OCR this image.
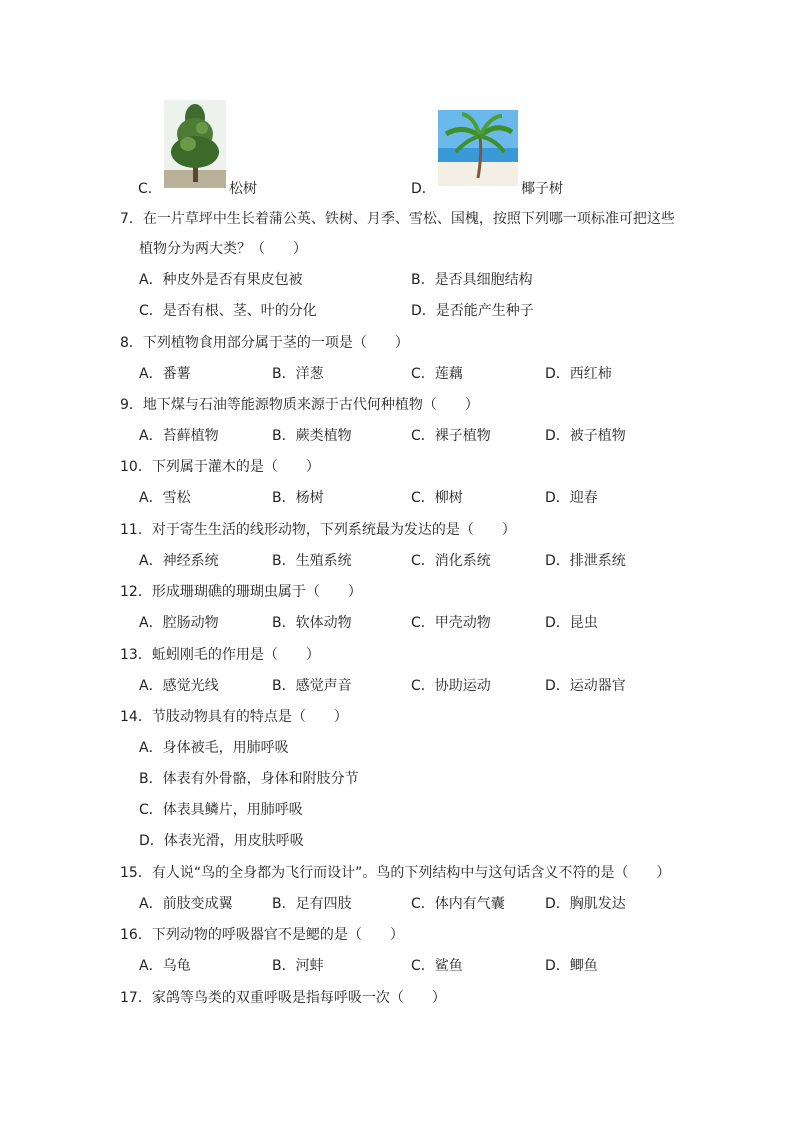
C．	松树	D．	椰子树
7．在一片草坪中生长着蒲公英、铁树、月季、雪松、国槐，按照下列哪一项标准可把这些
植物分为两大类？（　　）
A．种皮外是否有果皮包被	B．是否具细胞结构
C．是否有根、茎、叶的分化	D．是否能产生种子
8．下列植物食用部分属于茎的一项是（　　）
A．番薯	B．洋葱	C．莲藕	D．西红柿
9．地下煤与石油等能源物质来源于古代何种植物（　　）
A．苔藓植物	B．蕨类植物	C．裸子植物	D．被子植物
10．下列属于灌木的是（　　）
A．雪松	B．杨树	C．柳树	D．迎春
11．对于寄生生活的线形动物，下列系统最为发达的是（　　）
A．神经系统	B．生殖系统	C．消化系统	D．排泄系统
12．形成珊瑚礁的珊瑚虫属于（　　）
A．腔肠动物	B．软体动物	C．甲壳动物	D．昆虫
13．蚯蚓刚毛的作用是（　　）
A．感觉光线	B．感觉声音	C．协助运动	D．运动器官
14．节肢动物具有的特点是（　　）
A．身体被毛，用肺呼吸
B．体表有外骨骼，身体和附肢分节
C．体表具鳞片，用肺呼吸
D．体表光滑，用皮肤呼吸
15．有人说“鸟的全身都为飞行而设计”。鸟的下列结构中与这句话含义不符的是（　　）
A．前肢变成翼	B．足有四肢	C．体内有气囊	D．胸肌发达
16．下列动物的呼吸器官不是鳃的是（　　）
A．乌龟	B．河蚌	C．鲨鱼	D．鲫鱼
17．家鸽等鸟类的双重呼吸是指每呼吸一次（　　）
